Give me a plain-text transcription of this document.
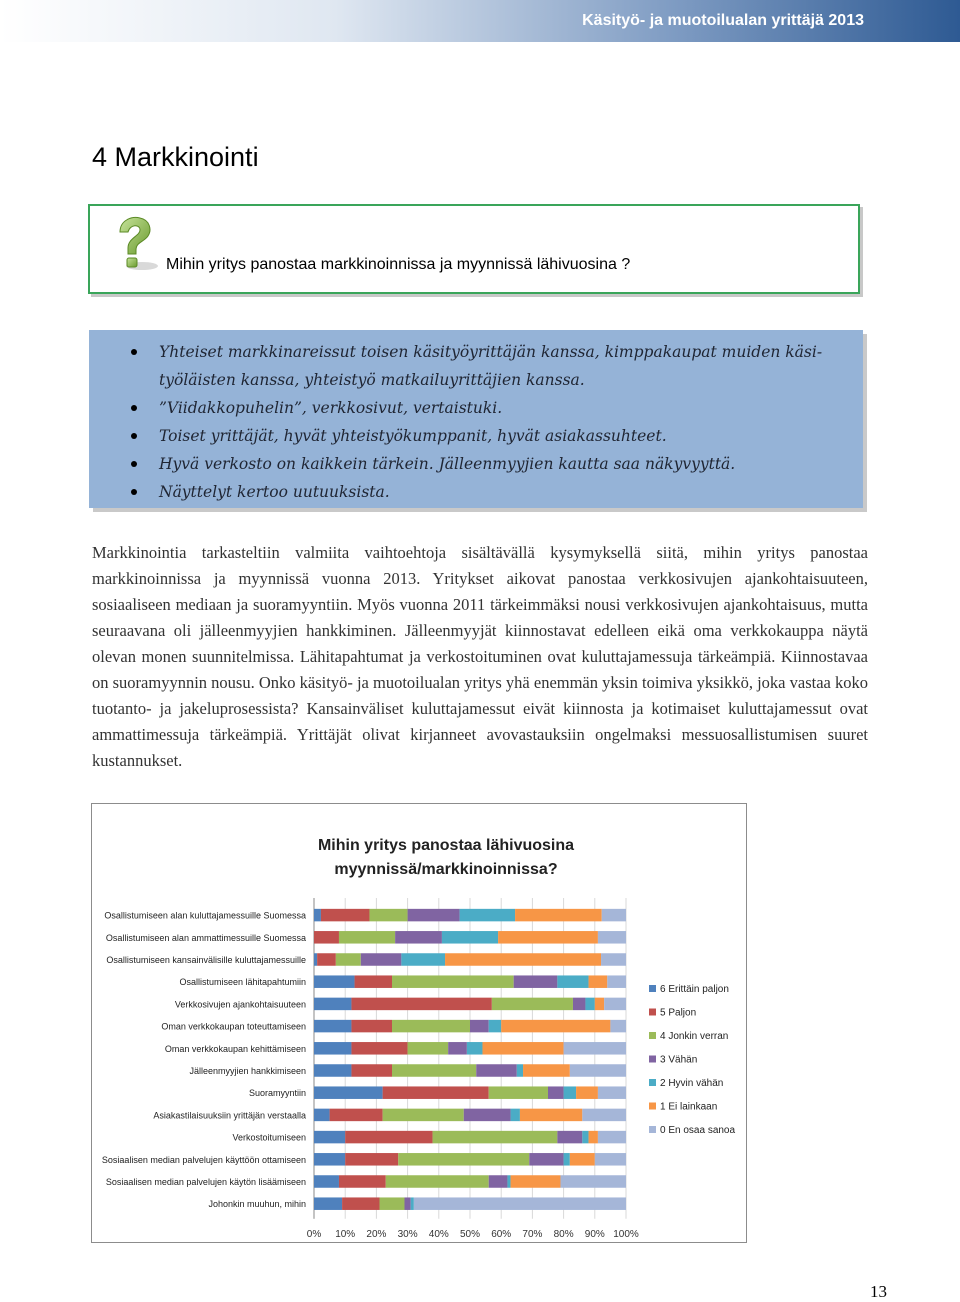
Käsityö- ja muotoilualan yrittäjä 2013
4 Markkinointi
Mihin yritys panostaa markkinoinnissa ja myynnissä lähivuosina ?
Yhteiset markkinareissut toisen käsityöyrittäjän kanssa, kimppakaupat muiden käsi-
työläisten kanssa, yhteistyö matkailuyrittäjien kanssa.
”Viidakkopuhelin”, verkkosivut, vertaistuki.
Toiset yrittäjät, hyvät yhteistyökumppanit, hyvät asiakassuhteet.
Hyvä verkosto on kaikkein tärkein. Jälleenmyyjien kautta saa näkyvyyttä.
Näyttelyt kertoo uutuuksista.

Markkinointia tarkasteltiin valmiita vaihtoehtoja sisältävällä kysymyksellä siitä, mihin yritys panostaa markkinoinnissa ja myynnissä vuonna 2013. Yritykset aikovat panostaa verkkosivujen ajankohtaisuuteen, sosiaaliseen mediaan ja suoramyyntiin. Myös vuonna 2011 tärkeimmäksi nousi verkkosivujen ajankohtaisuus, mutta seuraavana oli jälleenmyyjien hankkiminen. Jälleenmyyjät kiinnostavat edelleen eikä oma verkkokauppa näytä olevan monen suunnitelmissa. Lähitapahtumat ja verkostoituminen ovat kuluttajamessuja tärkeämpiä. Kiinnostavaa on suoramyynnin nousu. Onko käsityö- ja muotoilualan yritys yhä enemmän yksin toimiva yksikkö, joka vastaa koko tuotanto- ja jakeluprosessista? Kansainväliset kuluttajamessut eivät kiinnosta ja kotimaiset kuluttajamessut ovat ammattimessuja tärkeämpiä. Yrittäjät olivat kirjanneet avovastauksiin ongelmaksi messuosallistumisen suuret kustannukset.

Mihin yritys panostaa lähivuosina
myynnissä/markkinoinnissa?
0% 10% 20% 30% 40% 50% 60% 70% 80% 90% 100%
Osallistumiseen alan kuluttajamessuille Suomessa
Osallistumiseen alan ammattimessuille Suomessa
Osallistumiseen kansainvälisille kuluttajamessuille
Osallistumiseen lähitapahtumiin
Verkkosivujen ajankohtaisuuteen
Oman verkkokaupan toteuttamiseen
Oman verkkokaupan kehittämiseen
Jälleenmyyjien hankkimiseen
Suoramyyntiin
Asiakastilaisuuksiin yrittäjän verstaalla
Verkostoitumiseen
Sosiaalisen median palvelujen käyttöön ottamiseen
Sosiaalisen median palvelujen käytön lisäämiseen
Johonkin muuhun, mihin
6 Erittäin paljon
5 Paljon
4 Jonkin verran
3 Vähän
2 Hyvin vähän
1 Ei lainkaan
0 En osaa sanoa
13
